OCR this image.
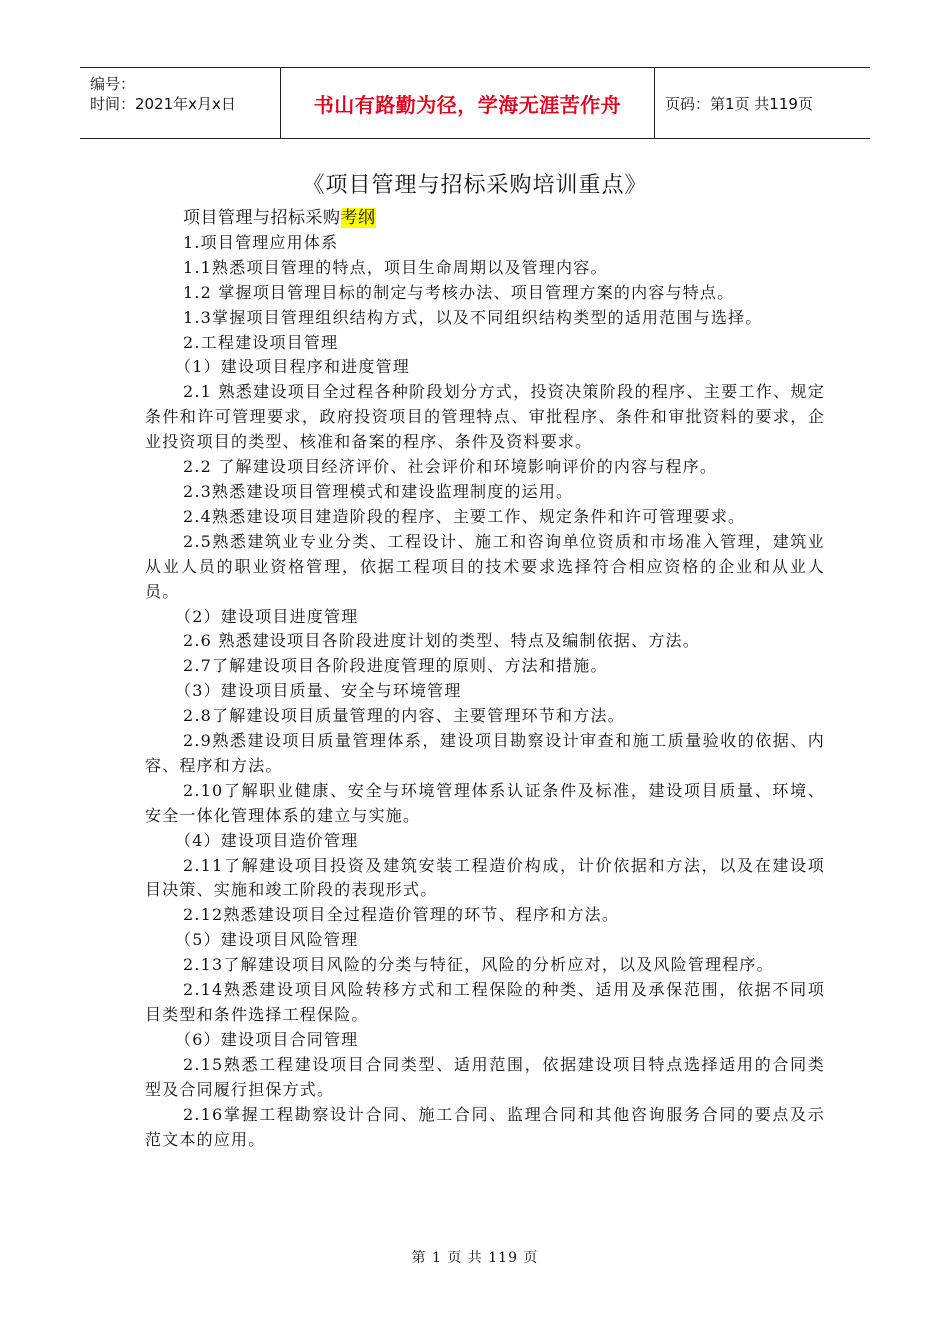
编号：
时间：2021年x月x日	书山有路勤为径，学海无涯苦作舟	页码：第1页 共119页
《项目管理与招标采购培训重点》

项目管理与招标采购考纲

1.项目管理应用体系

1.1熟悉项目管理的特点，项目生命周期以及管理内容。

1.2 掌握项目管理目标的制定与考核办法、项目管理方案的内容与特点。

1.3掌握项目管理组织结构方式，以及不同组织结构类型的适用范围与选择。

2.工程建设项目管理

（1）建设项目程序和进度管理

2.1 熟悉建设项目全过程各种阶段划分方式，投资决策阶段的程序、主要工作、规定条件和许可管理要求，政府投资项目的管理特点、审批程序、条件和审批资料的要求，企业投资项目的类型、核准和备案的程序、条件及资料要求。

2.2 了解建设项目经济评价、社会评价和环境影响评价的内容与程序。

2.3熟悉建设项目管理模式和建设监理制度的运用。

2.4熟悉建设项目建造阶段的程序、主要工作、规定条件和许可管理要求。

2.5熟悉建筑业专业分类、工程设计、施工和咨询单位资质和市场准入管理，建筑业从业人员的职业资格管理，依据工程项目的技术要求选择符合相应资格的企业和从业人员。

（2）建设项目进度管理

2.6 熟悉建设项目各阶段进度计划的类型、特点及编制依据、方法。

2.7了解建设项目各阶段进度管理的原则、方法和措施。

（3）建设项目质量、安全与环境管理

2.8了解建设项目质量管理的内容、主要管理环节和方法。

2.9熟悉建设项目质量管理体系，建设项目勘察设计审查和施工质量验收的依据、内容、程序和方法。

2.10了解职业健康、安全与环境管理体系认证条件及标准，建设项目质量、环境、安全一体化管理体系的建立与实施。

（4）建设项目造价管理

2.11了解建设项目投资及建筑安装工程造价构成，计价依据和方法，以及在建设项目决策、实施和竣工阶段的表现形式。

2.12熟悉建设项目全过程造价管理的环节、程序和方法。

（5）建设项目风险管理

2.13了解建设项目风险的分类与特征，风险的分析应对，以及风险管理程序。

2.14熟悉建设项目风险转移方式和工程保险的种类、适用及承保范围，依据不同项目类型和条件选择工程保险。

（6）建设项目合同管理

2.15熟悉工程建设项目合同类型、适用范围，依据建设项目特点选择适用的合同类型及合同履行担保方式。

2.16掌握工程勘察设计合同、施工合同、监理合同和其他咨询服务合同的要点及示范文本的应用。

第 1 页 共 119 页
